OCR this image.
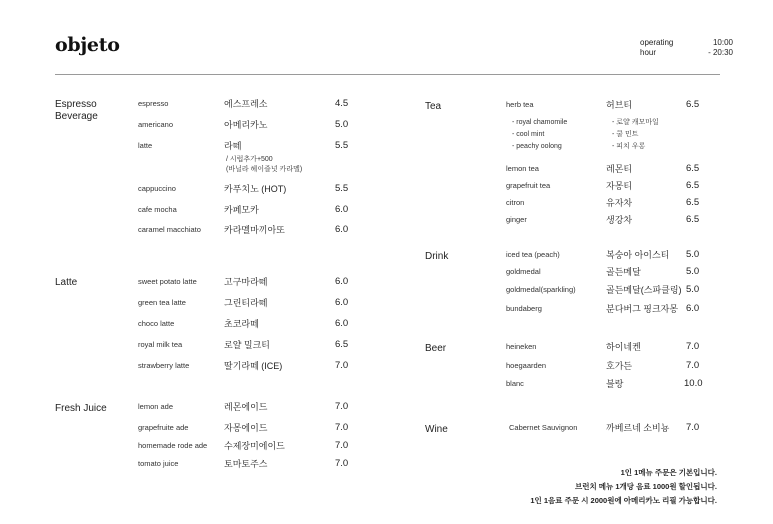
objeto	operating
hour
10:00
- 20:30
Espresso
Beverage
espresso	에스프레소	4.5
americano	아메리카노	5.0
latte	라떼	5.5
/ 시럽추가+500
(바닐라 헤이즐넛 카라멜)
cappuccino	카푸치노 (HOT)	5.5
cafe mocha	카페모카	6.0
caramel macchiato	카라멜마끼아또	6.0
Latte	sweet potato latte	고구마라떼	6.0
green tea latte	그린티라떼	6.0
choco latte	초코라떼	6.0
royal milk tea	로얄 밀크티	6.5
strawberry latte	딸기라떼 (ICE)	7.0
Fresh Juice	lemon ade	레몬에이드	7.0
grapefruite ade	자몽에이드	7.0
homemade rode ade 수제장미에이드	7.0
tomato juice	토마토주스	7.0
Tea	herb tea	허브티	6.5
- royal chamomile	- 로얄 캐모마일
- cool mint	- 쿨 민트
- peachy oolong	- 피치 우롱
lemon tea	레몬티	6.5
grapefruit tea	자몽티	6.5
citron	유자차	6.5
ginger	생강차	6.5
Drink	iced tea (peach)	복숭아 아이스티 5.0
goldmedal	골든메달	5.0
goldmedal(sparkling)	골든메달(스파클링) 5.0
bundaberg	분다버그 핑크자몽 6.0
Beer	heineken	하이네켄	7.0
hoegaarden	호가든	7.0
blanc	블랑	10.0
Wine	Cabernet Sauvignon	까베르네 소비뇽 7.0
1인 1메뉴 주문은 기본입니다.
브런치 메뉴 1개당 음료 1000원 할인됩니다.
1인 1음료 주문 시 2000원에 아메리카노 리필 가능합니다.
